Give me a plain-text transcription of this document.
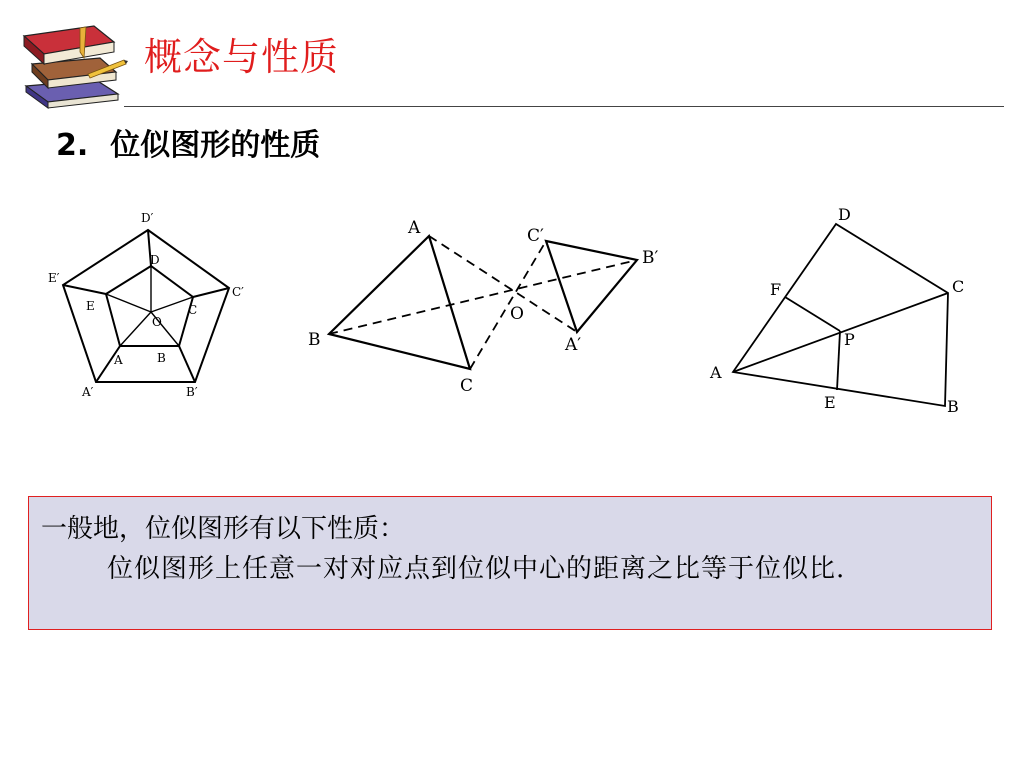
概念与性质
2. 位似图形的性质
D′
E′
C′
A′	B′
D
E	C
A	B
O
A
B
C
C′
B′
A′
O
D
C
F
P
A
E	B

一般地，位似图形有以下性质：

位似图形上任意一对对应点到位似中心的距离之比等于位似比.
